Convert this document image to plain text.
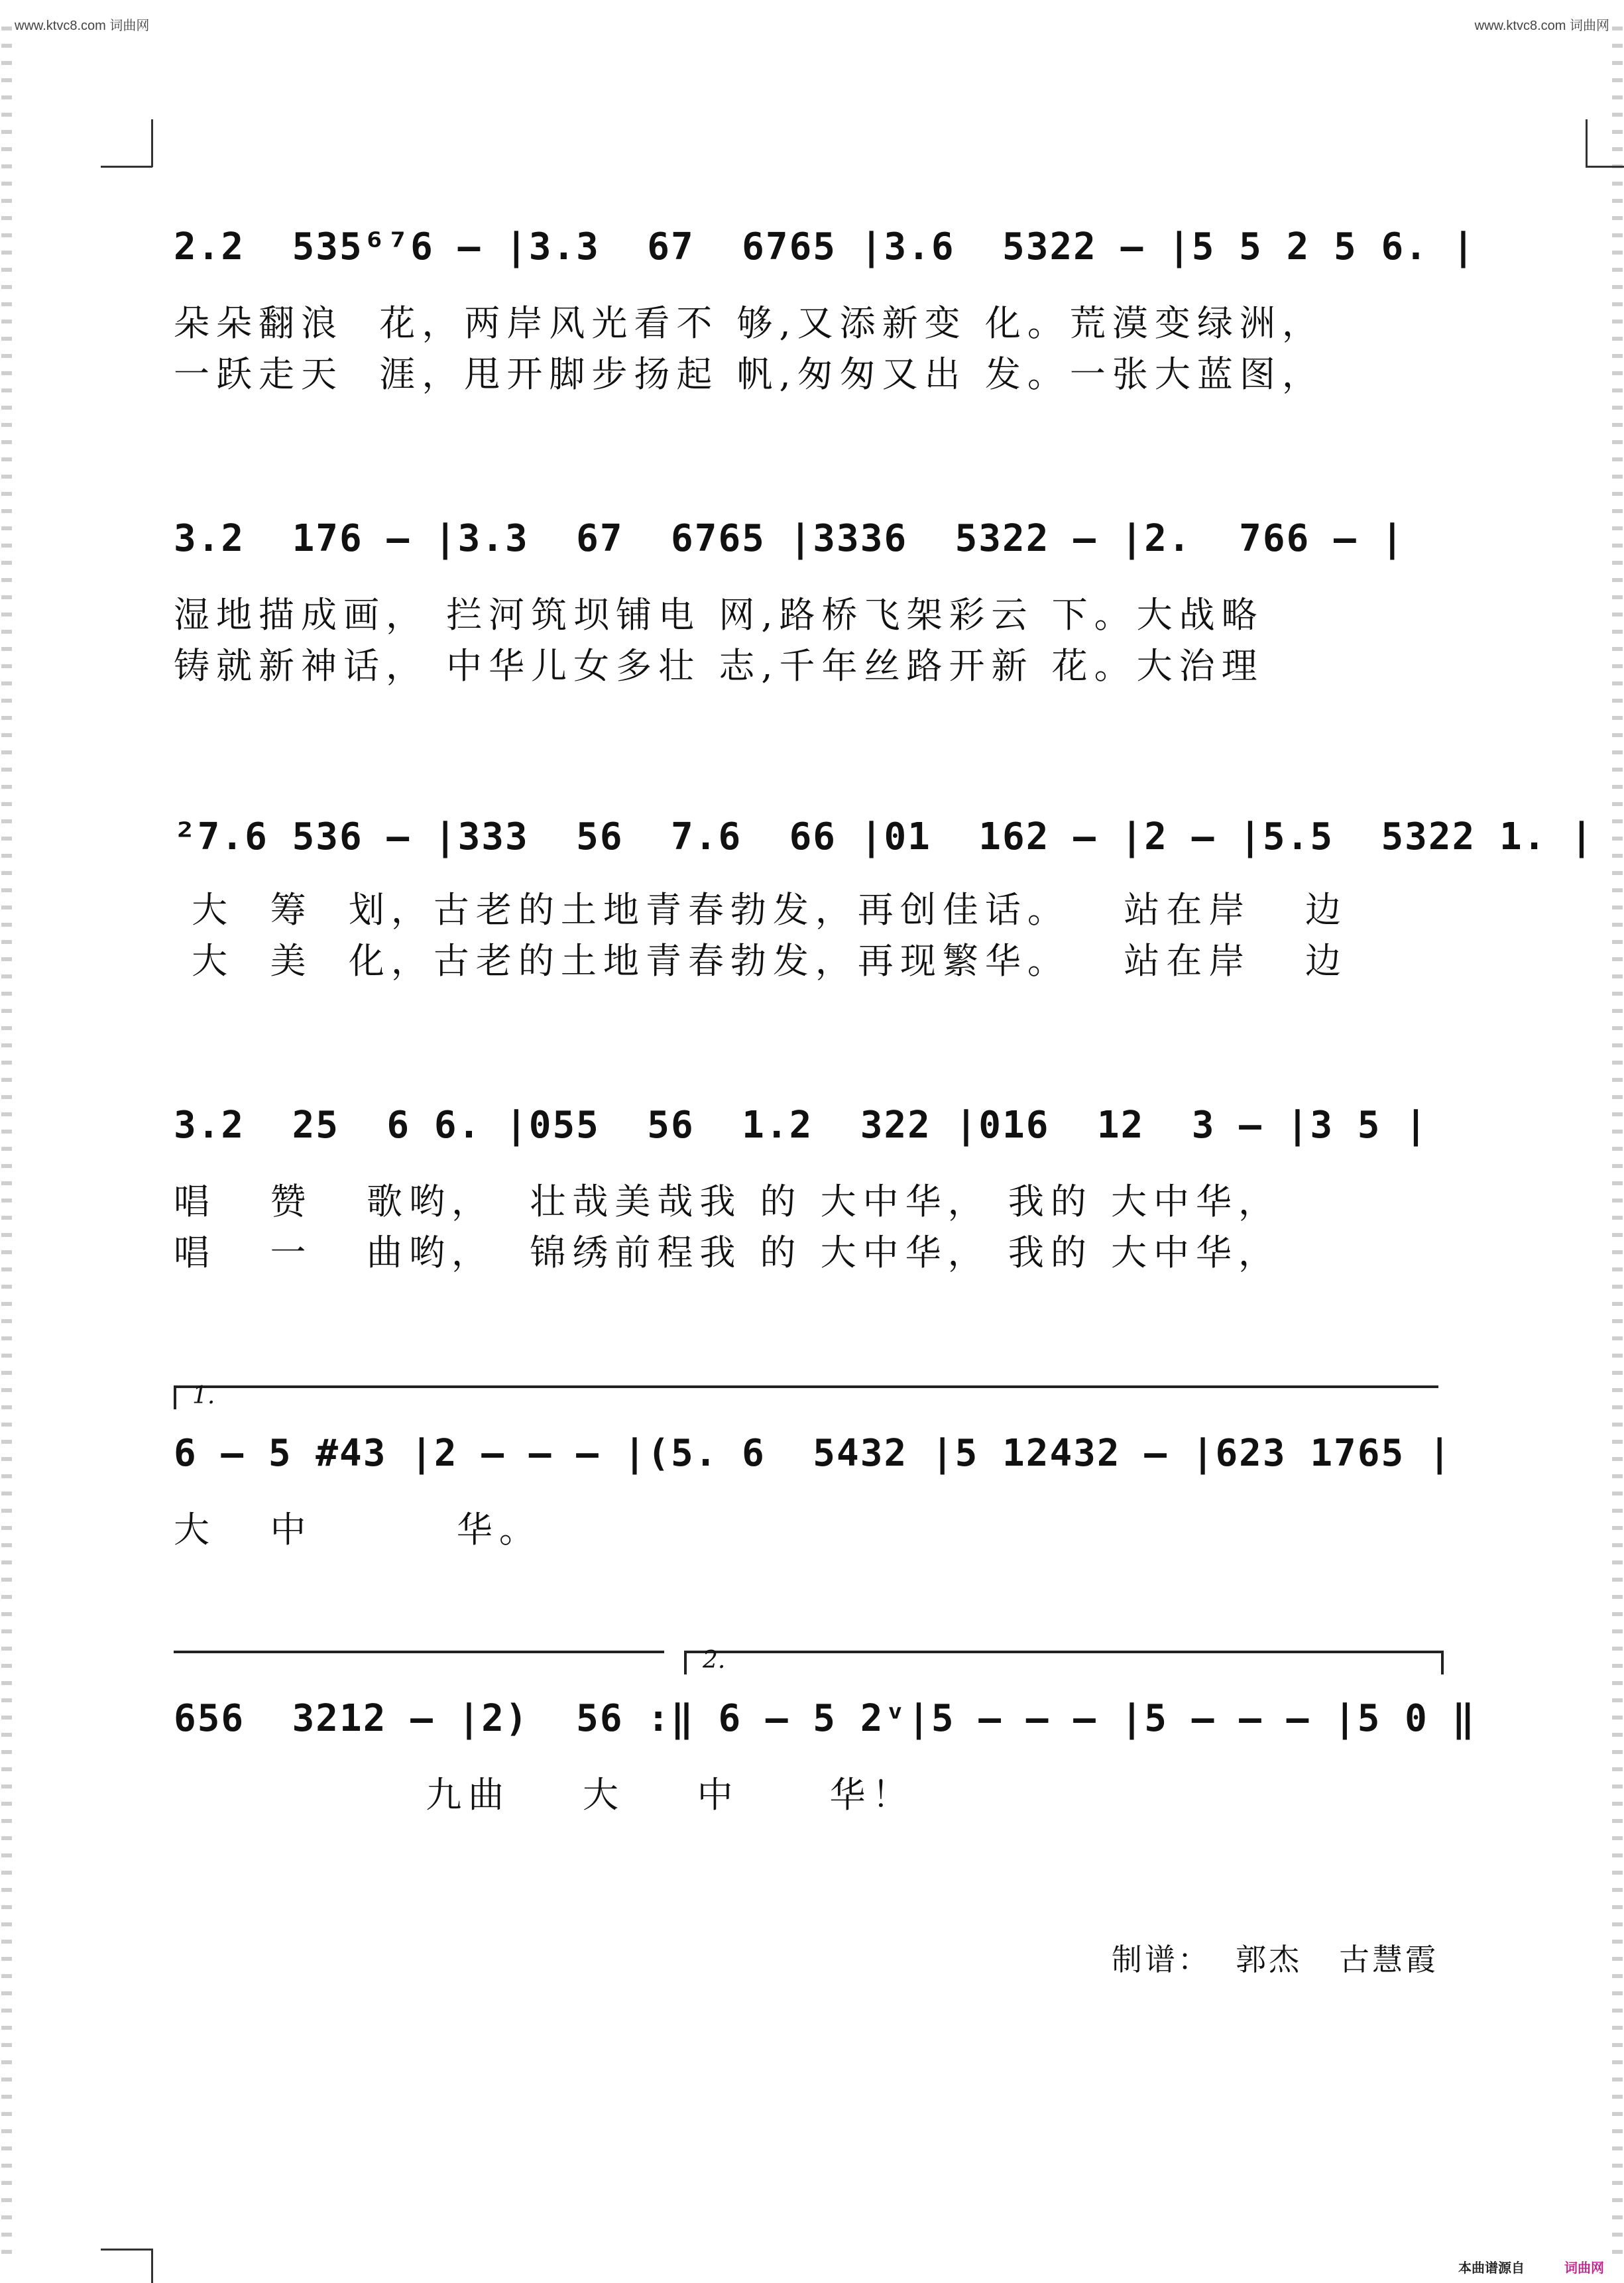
www.ktvc8.com 词曲网	www.ktvc8.com 词曲网
2.2  535⁶⁷6 – |3.3  67  6765 |3.6  5322 – |5 5 2 5 6. |
朵朵翻浪  花，两岸风光看不 够,又添新变 化。荒漠变绿洲，
一跃走天  涯，甩开脚步扬起 帆,匆匆又出 发。一张大蓝图，
3.2  176 – |3.3  67  6765 |3336  5322 – |2.  766 – |
湿地描成画， 拦河筑坝铺电 网,路桥飞架彩云 下。大战略
铸就新神话， 中华儿女多壮 志,千年丝路开新 花。大治理
²7.6 536 – |333  56  7.6  66 |01  162 – |2 – |5.5  5322 1. |
大  筹  划，古老的土地青春勃发，再创佳话。   站在岸   边
大  美  化，古老的土地青春勃发，再现繁华。   站在岸   边
3.2  25  6 6. |055  56  1.2  322 |016  12  3 – |3 5 |
唱   赞   歌哟，  壮哉美哉我 的 大中华， 我的 大中华，
唱   一   曲哟，  锦绣前程我 的 大中华， 我的 大中华，
1.
6 – 5 #43 |2 – – – |(5. 6  5432 |5 12432 – |623 1765 |
大   中        华。
2.
656  3212 – |2)  56 :‖ 6 – 5 2ᵛ|5 – – – |5 – – – |5 0 ‖
九曲    大    中     华！
制谱：  郭杰   古慧霞
本曲谱源自	词曲网
